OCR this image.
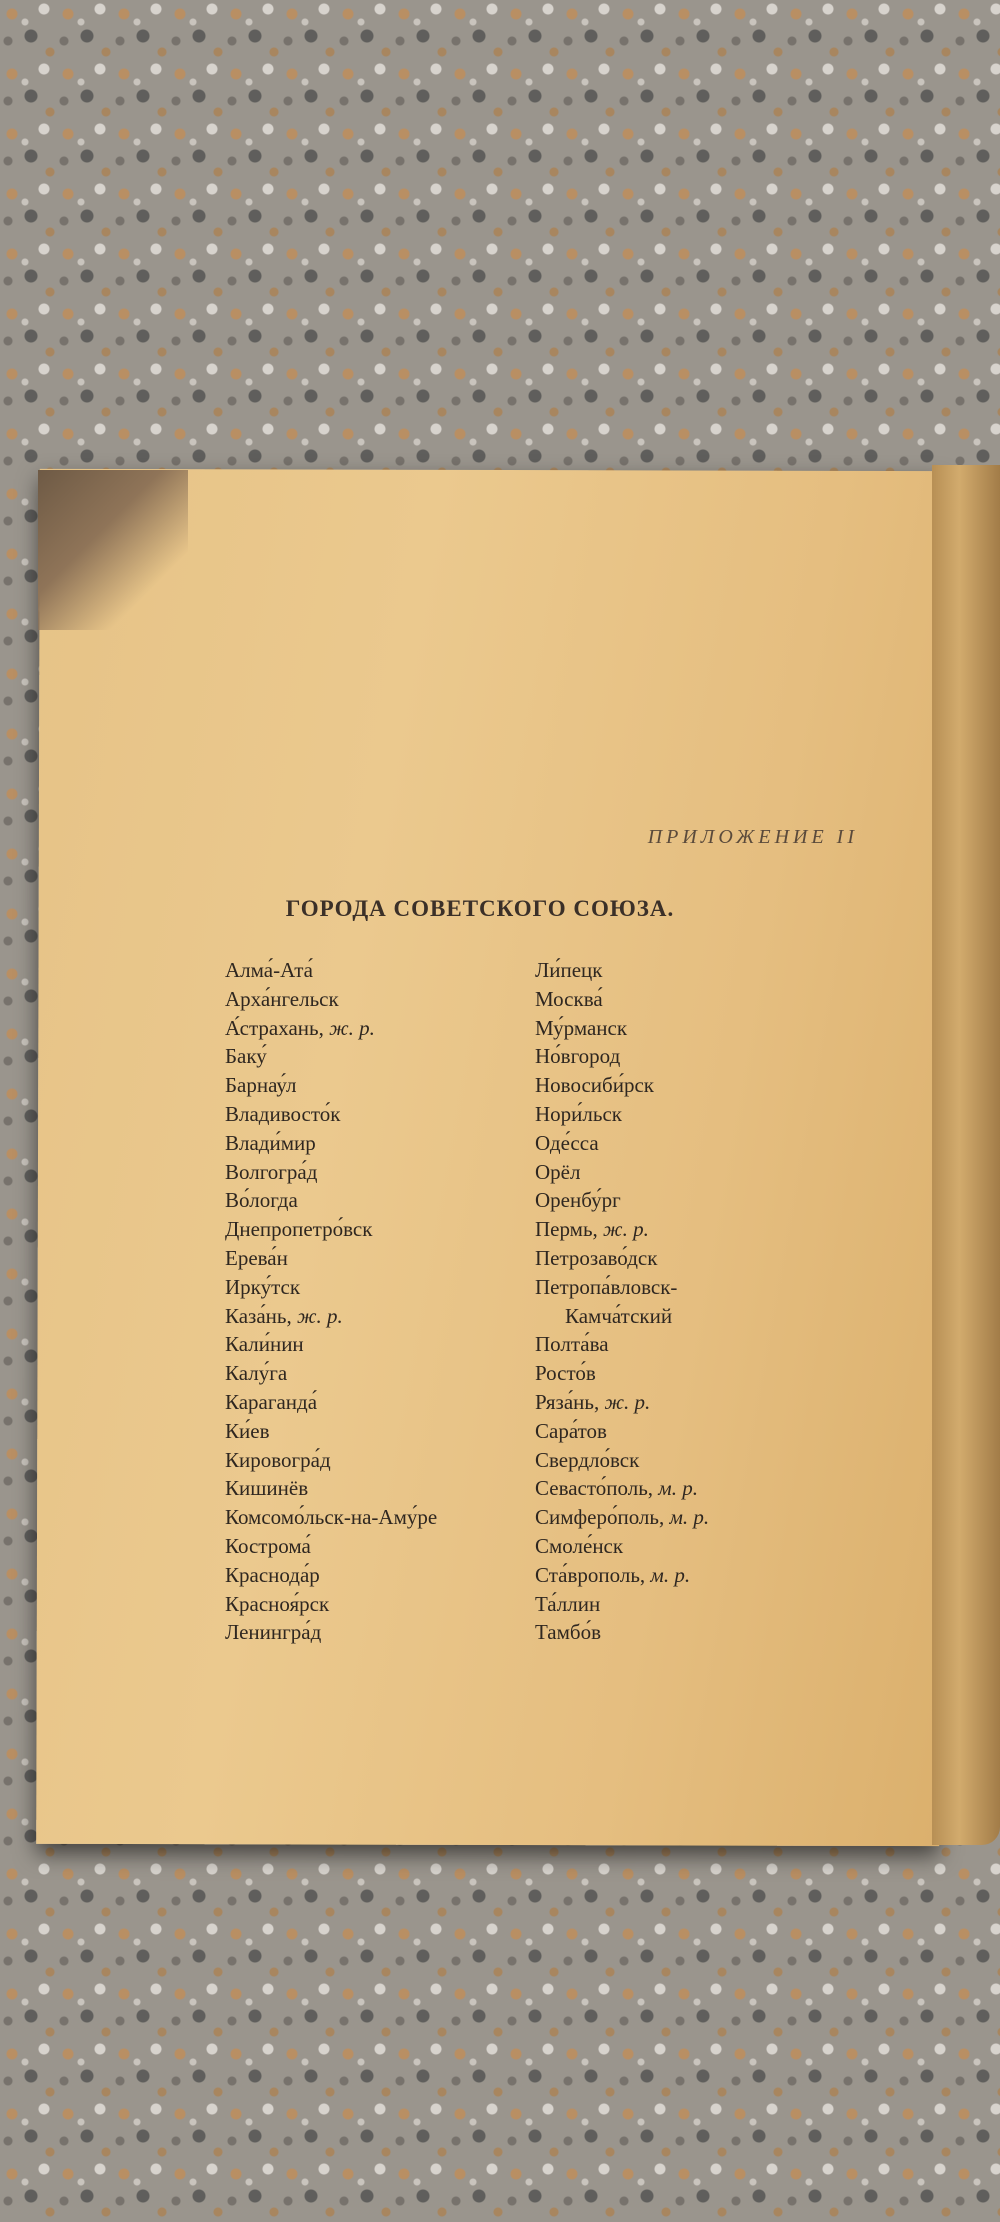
ПРИЛОЖЕНИЕ II
ГОРОДА СОВЕТСКОГО СОЮЗА.
Алма́-Ата́
Арха́нгельск
А́страхань, ж. р.
Баку́
Барнау́л
Владивосто́к
Влади́мир
Волгогра́д
Во́логда
Днепропетро́вск
Ерева́н
Ирку́тск
Каза́нь, ж. р.
Кали́нин
Калу́га
Караганда́
Ки́ев
Кировогра́д
Кишинёв
Комсомо́льск-на-Аму́ре
Кострома́
Краснода́р
Красноя́рск
Ленингра́д
Ли́пецк
Москва́
Му́рманск
Но́вгород
Новосиби́рск
Нори́льск
Оде́сса
Орёл
Оренбу́рг
Пермь, ж. р.
Петрозаво́дск
Петропа́вловск-
Камча́тский
Полта́ва
Росто́в
Ряза́нь, ж. р.
Сара́тов
Свердло́вск
Севасто́поль, м. р.
Симферо́поль, м. р.
Смоле́нск
Ста́врополь, м. р.
Та́ллин
Тамбо́в
